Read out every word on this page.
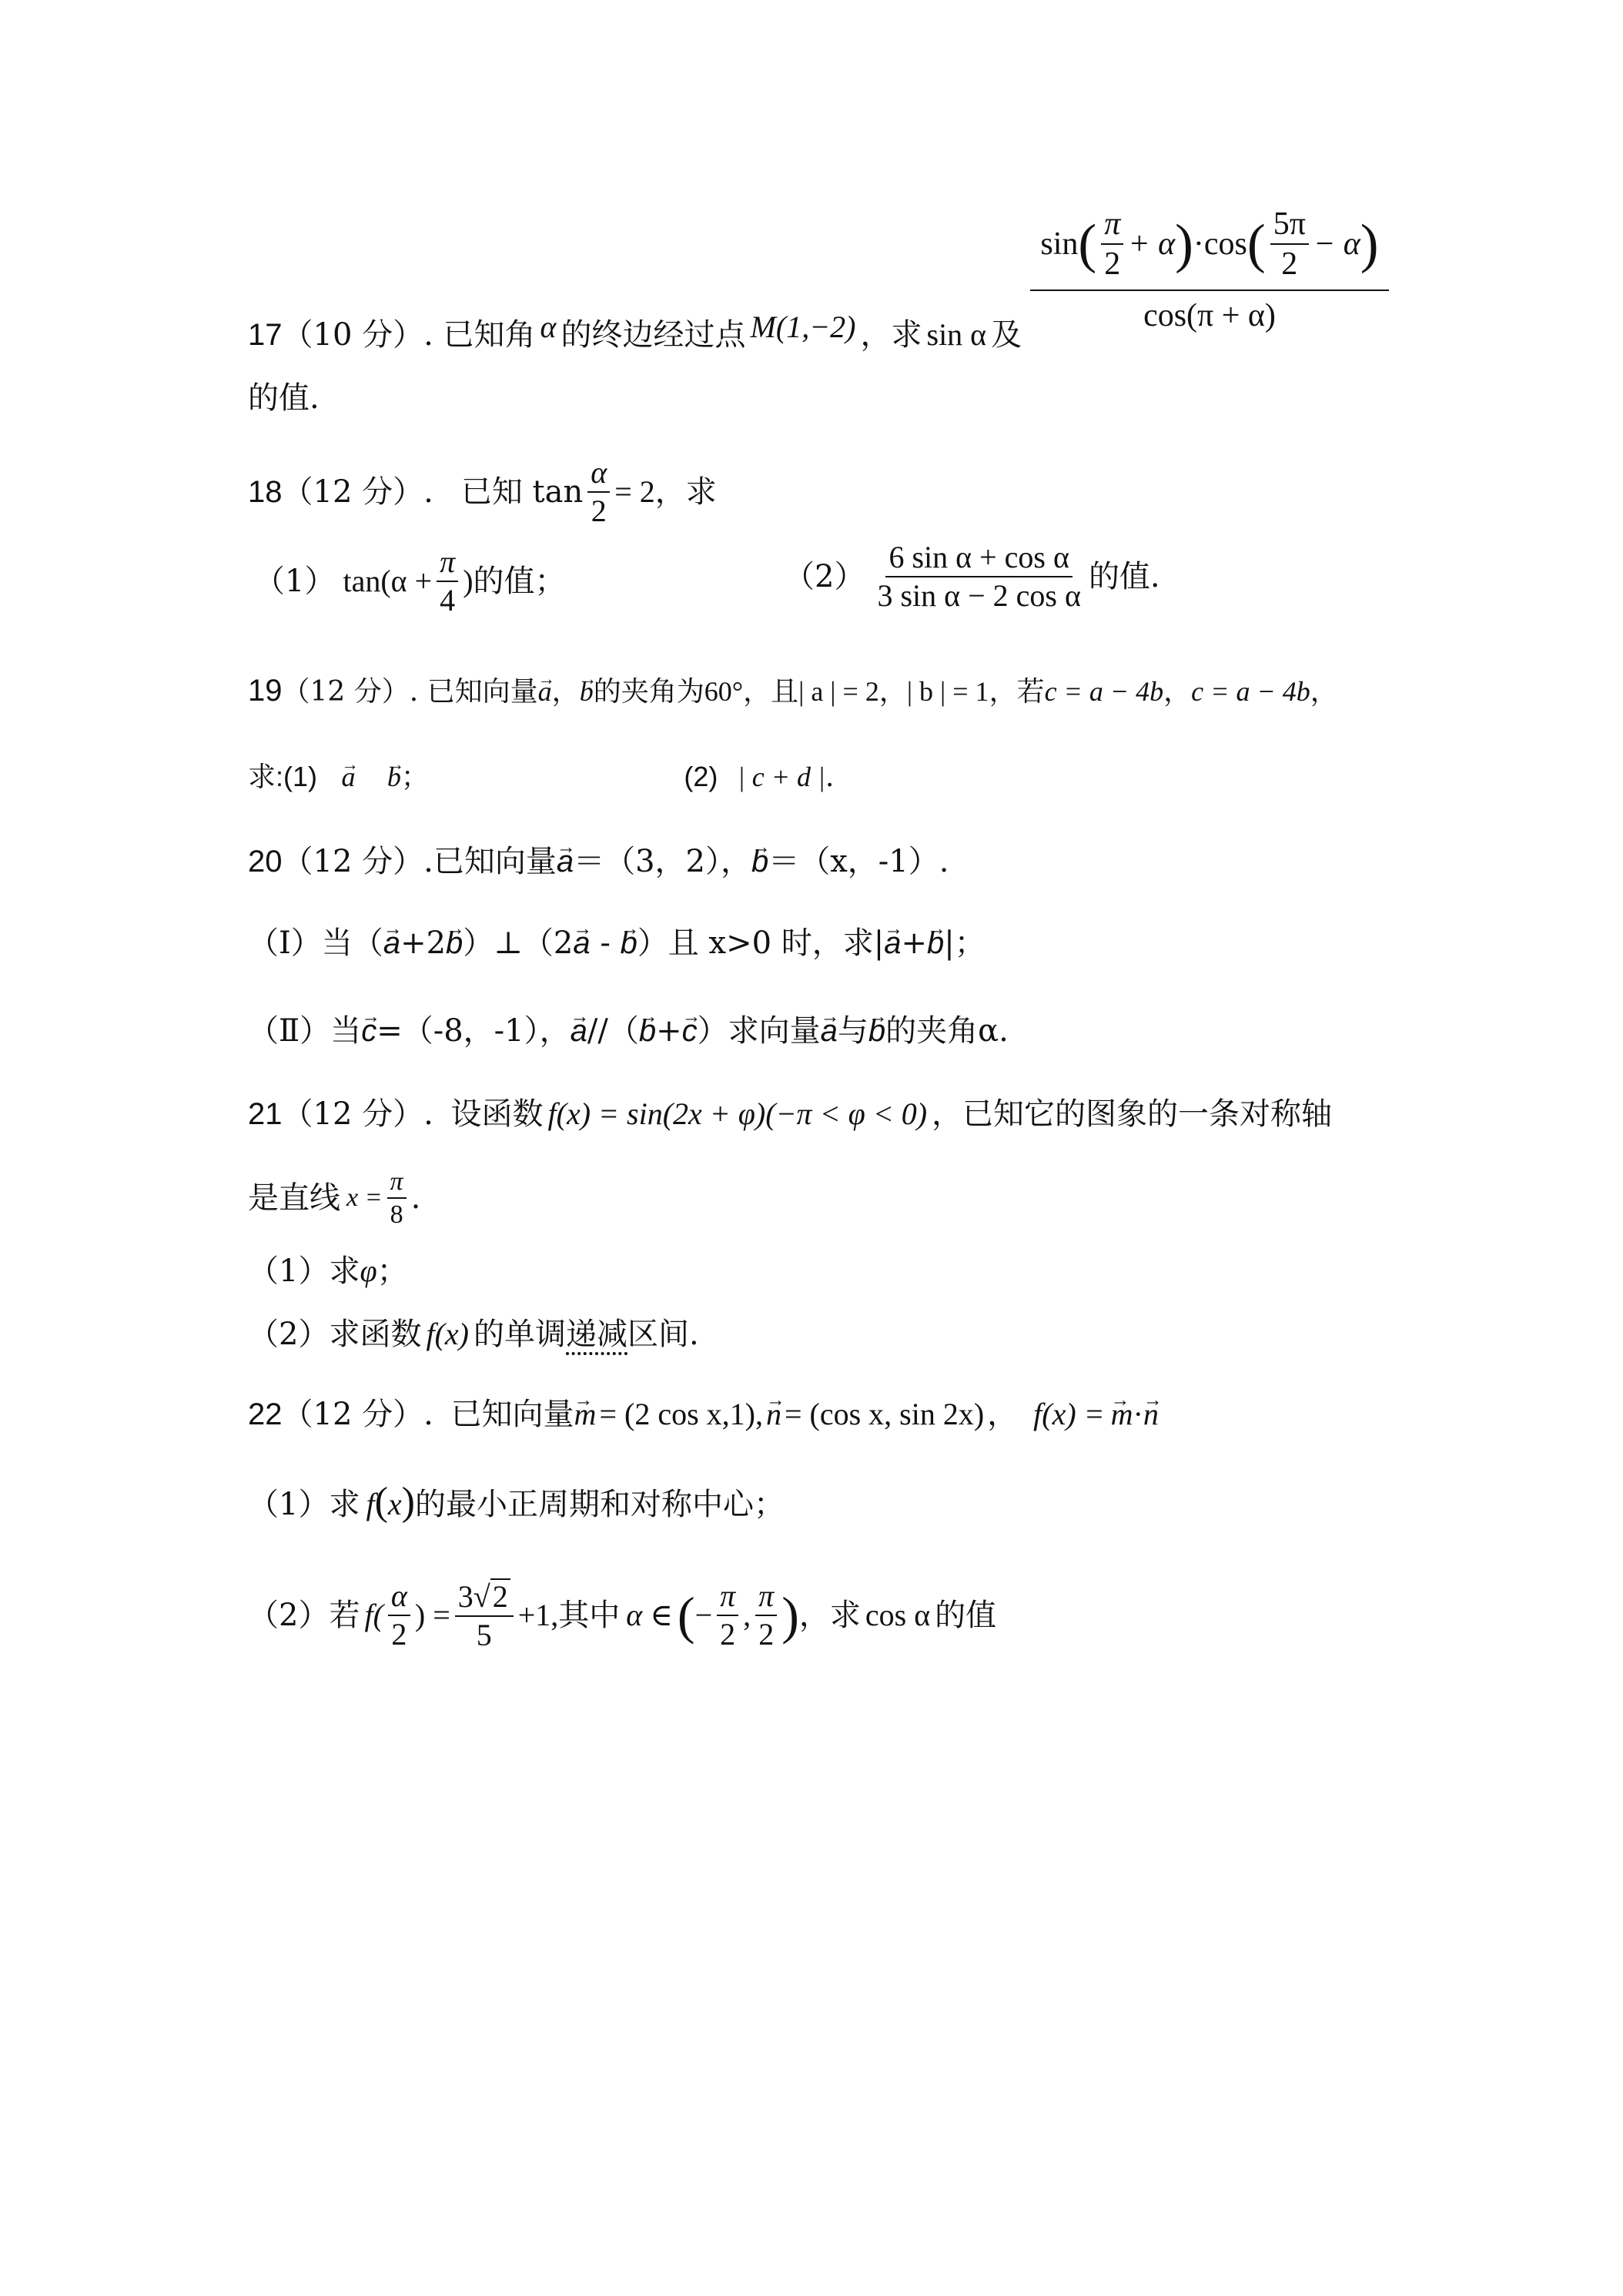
sin ( $\frac{\pi}{2} + \alpha$ ) ·cos ( $\frac{5\pi}{2} - \alpha$ )
cos(π + α)
17（10 分）. 已知角 α 的终边经过点 M(1,−2) ，求 sin α 及
的值.
18 （12 分）. 已知 $\tan \frac{\alpha}{2} = 2$ ，求
（1） $\tan(\alpha + \frac{\pi}{4}$ ) 的值；	$(2) \frac{\text{6 sin α + cos α}}{\text{3 sin α − 2 cos α}}$ 的值.
19（12 分）. 已知向量→ a，→ b的夹角为60°，且| a | = 2，| b | = 1，若c = a − 4b，c = a − 4b，
求:(1) → a → b；	(2) | c + d |.
20（12 分）.已知向量→ a＝（3，2），→ b＝（x，-1）.
（Ⅰ）当（→ a+2→ b）⊥（2→ a - → b）且 x>0 时，求|→ a+→ b|；
（Ⅱ）当→ c=（-8，-1），→ a//（→ b+→ c）求向量→ a与→ b的夹角α.
21（12 分）. 设函数 f(x) = sin(2x + φ)(−π < φ < 0) ，已知它的图象的一条对称轴
是直线 $x = \frac{\pi}{8}$ .
（1）求φ；
（2）求函数 f(x) 的单调递减区间.
22（12 分）. 已知向量→ m = (2 cos x,1), → n = (cos x, sin 2x) ， f(x) = → m·→ n
（1）求 f(x)的最小正周期和对称中心；
（2）若 $f( \frac{\alpha}{2}$ ) = $\frac{3√2}{5} +1$, 其中 α ∈ ( − $\frac{\pi}{2}$ , $\frac{\pi}{2}$ ) ，求 cos α 的值
